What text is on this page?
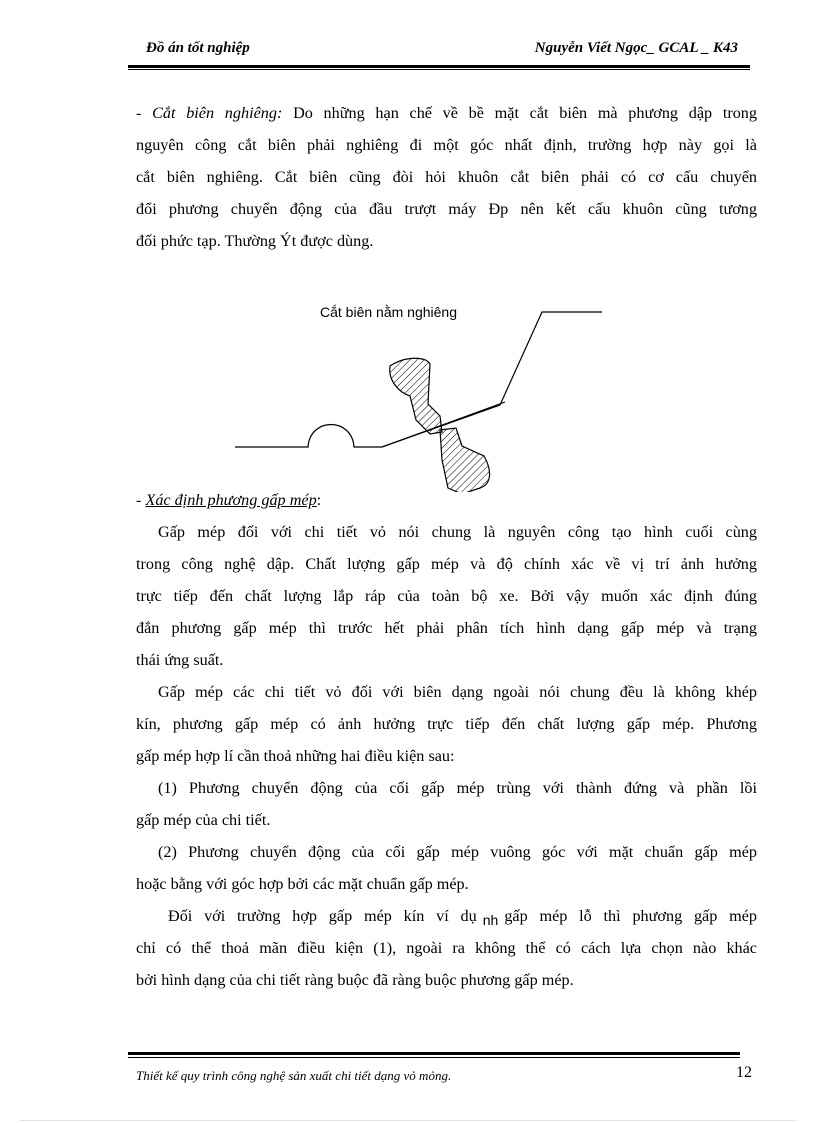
Đồ án tốt nghiệp	Nguyễn Viết Ngọc_ GCAL _ K43

- Cắt biên nghiêng: Do những hạn chế về bề mặt cắt biên mà phương dập trong

nguyên công cắt biên phải nghiêng đi một góc nhất định, trường hợp này gọi là

cắt biên nghiêng. Cắt biên cũng đòi hỏi khuôn cắt biên phải có cơ cấu chuyển

đổi phương chuyển động của đầu trượt máy Đp nên kết cấu khuôn cũng tương

đối phức tạp. Thường Ýt được dùng.

Cắt biên nằm nghiêng

- Xác định phương gấp mép:

Gấp mép đối với chi tiết vỏ nói chung là nguyên công tạo hình cuối cùng

trong công nghệ dập. Chất lượng gấp mép và độ chính xác về vị trí ảnh hưởng

trực tiếp đến chất lượng lắp ráp của toàn bộ xe. Bởi vậy muốn xác định đúng

đắn phương gấp mép thì trước hết phải phân tích hình dạng gấp mép và trạng

thái ứng suất.

Gấp mép các chi tiết vỏ đối với biên dạng ngoài nói chung đều là không khép

kín, phương gấp mép có ảnh hưởng trực tiếp đến chất lượng gấp mép. Phương

gấp mép hợp lí cần thoả những hai điều kiện sau:

(1) Phương chuyển động của cối gấp mép trùng với thành đứng và phần lồi

gấp mép của chi tiết.

(2) Phương chuyển động của cối gấp mép vuông góc với mặt chuẩn gấp mép

hoặc bằng với góc hợp bởi các mặt chuẩn gấp mép.

Đối với trường hợp gấp mép kín ví dụ nh gấp mép lỗ thì phương gấp mép

chỉ có thể thoả mãn điều kiện (1), ngoài ra không thể có cách lựa chọn nào khác

bởi hình dạng của chi tiết ràng buộc đã ràng buộc phương gấp mép.

Thiết kế quy trình công nghệ sản xuất chi tiết dạng vỏ mỏng.	12
